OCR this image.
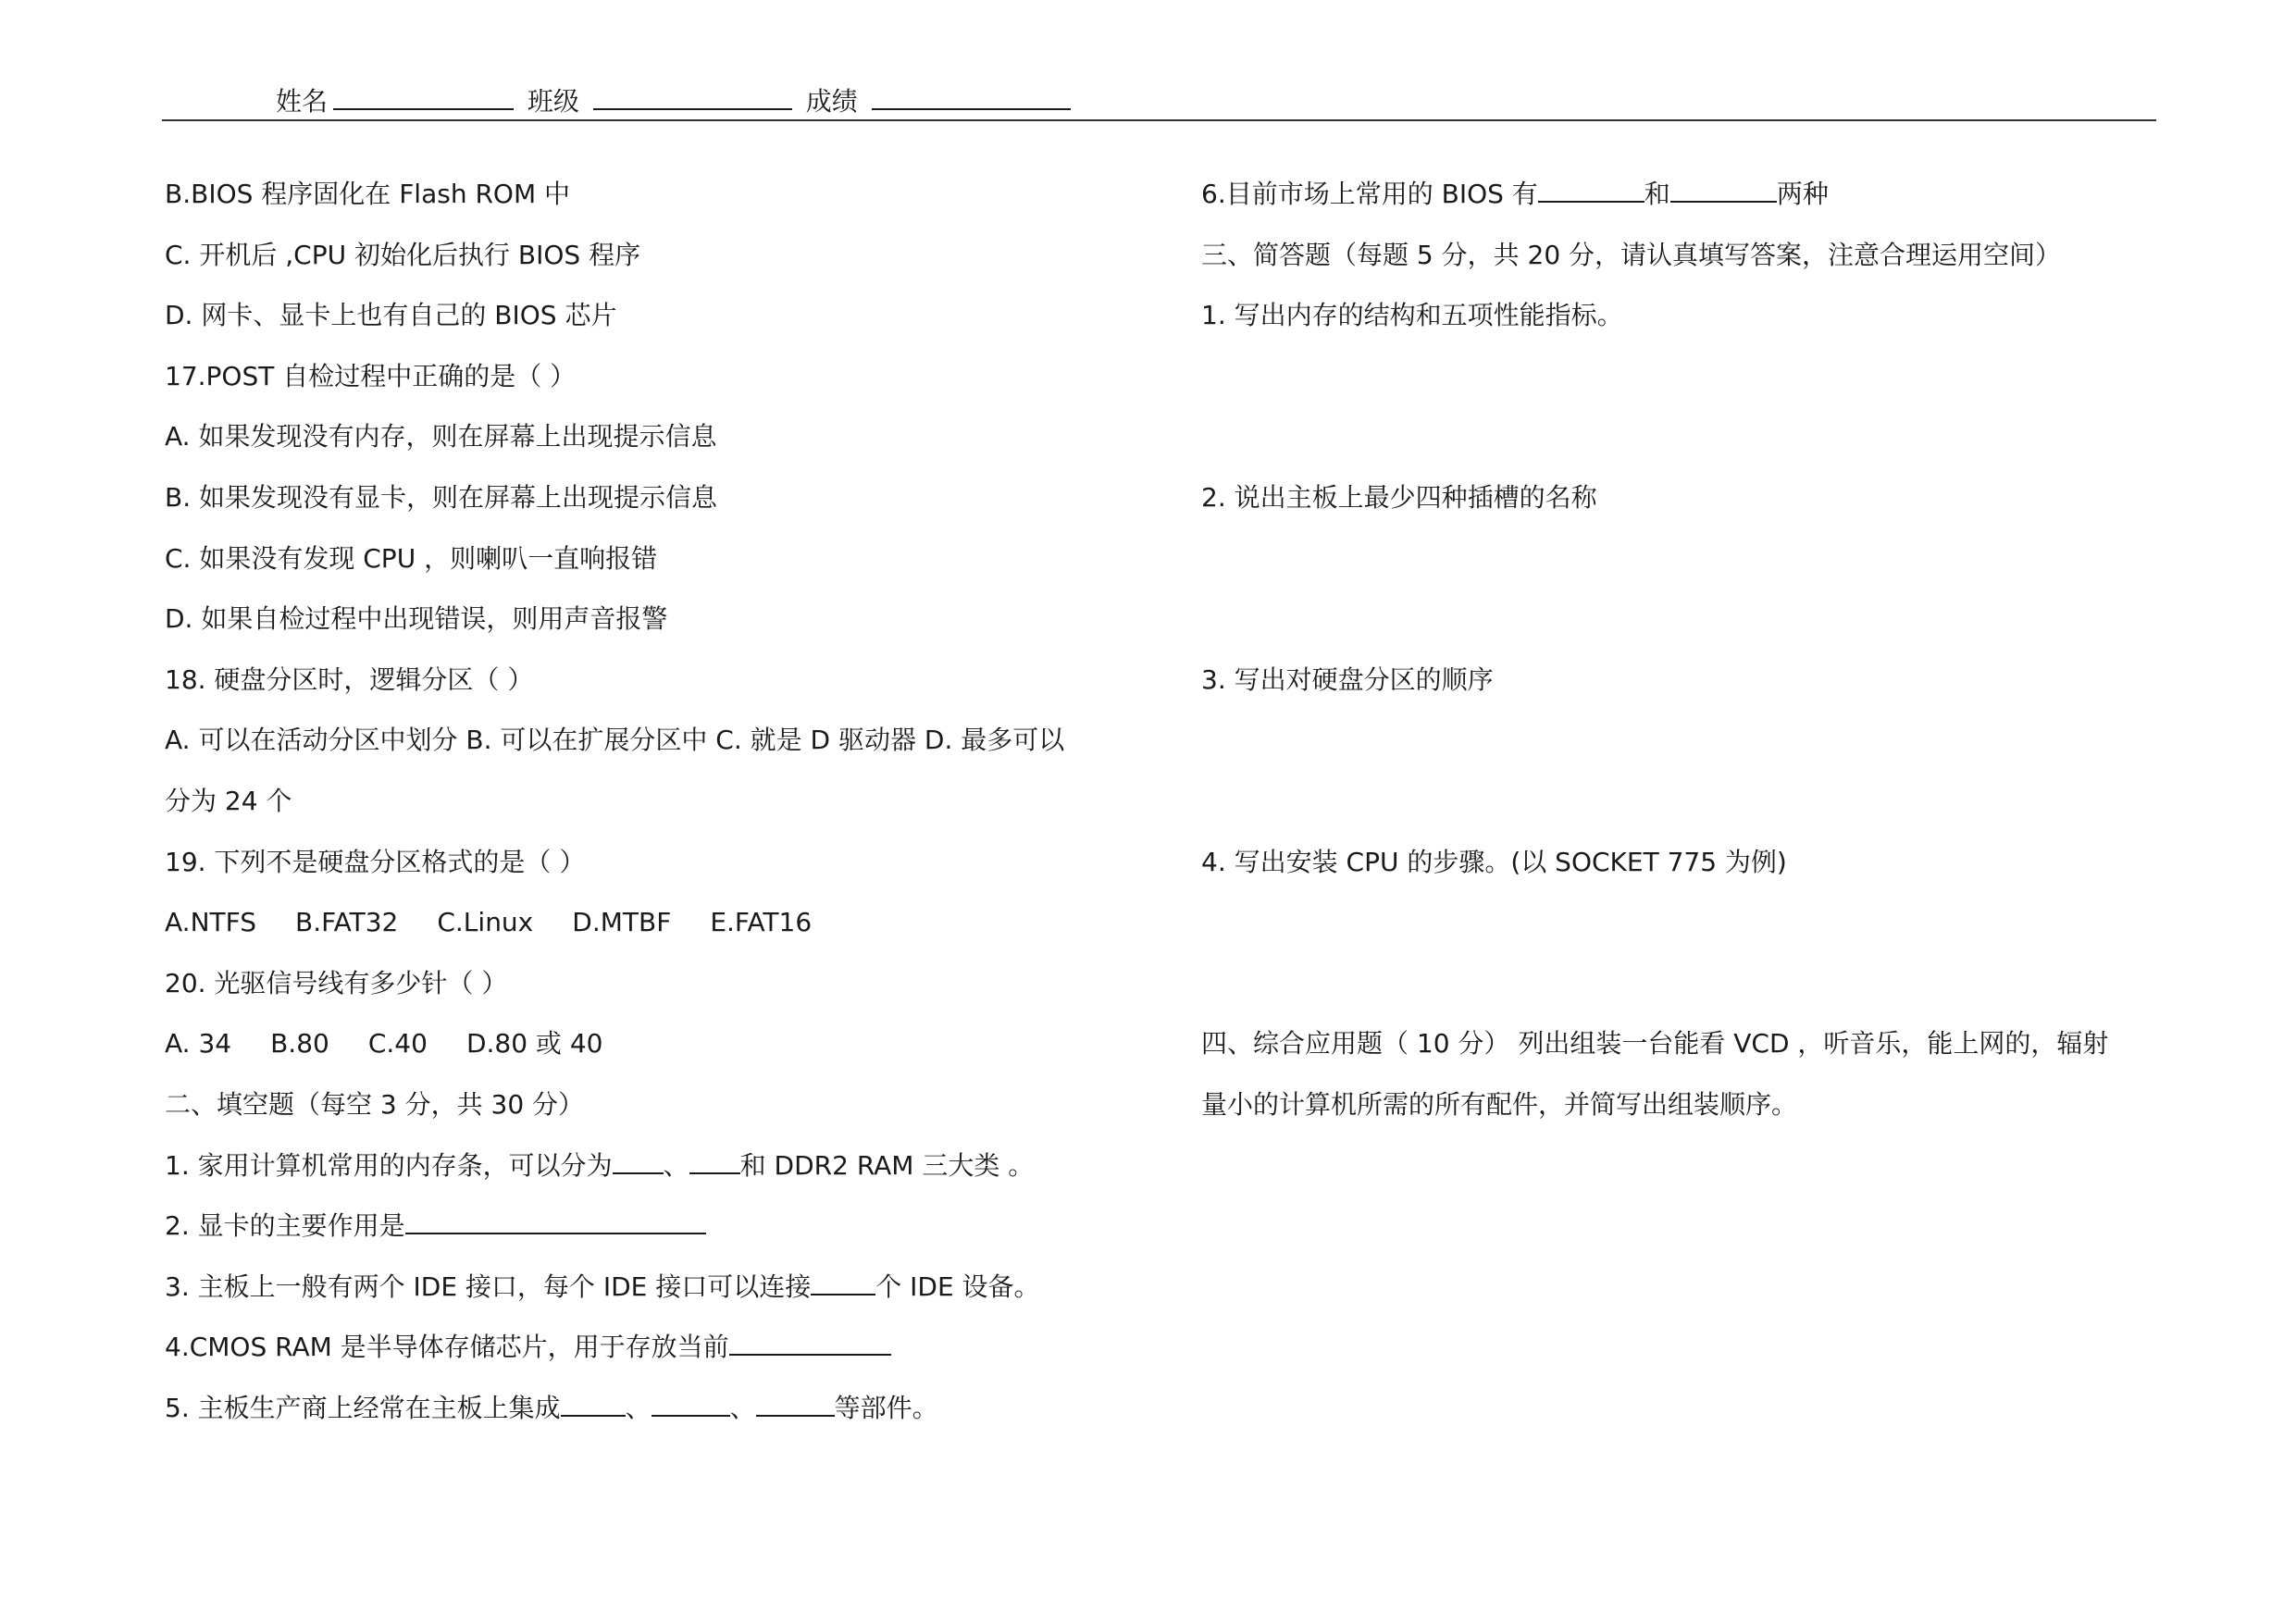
姓名	班级	成绩
B.BIOS 程序固化在 Flash ROM 中
C. 开机后 ,CPU 初始化后执行 BIOS 程序
D. 网卡、显卡上也有自己的 BIOS 芯片
17.POST 自检过程中正确的是（ ）
A. 如果发现没有内存，则在屏幕上出现提示信息
B. 如果发现没有显卡，则在屏幕上出现提示信息
C. 如果没有发现 CPU ，则喇叭一直响报错
D. 如果自检过程中出现错误，则用声音报警
18. 硬盘分区时，逻辑分区（ ）
A. 可以在活动分区中划分 B. 可以在扩展分区中 C. 就是 D 驱动器 D. 最多可以
分为 24 个
19. 下列不是硬盘分区格式的是（ ）
A.NTFS B.FAT32 C.Linux D.MTBF E.FAT16
20. 光驱信号线有多少针（ ）
A. 34 B.80 C.40 D.80 或 40
二、填空题（每空 3 分，共 30 分）
1. 家用计算机常用的内存条，可以分为 、 和 DDR2 RAM 三大类 。
2. 显卡的主要作用是
3. 主板上一般有两个 IDE 接口，每个 IDE 接口可以连接	个 IDE 设备。
4.CMOS RAM 是半导体存储芯片，用于存放当前
5. 主板生产商上经常在主板上集成	、	、	等部件。
6.目前市场上常用的 BIOS 有	和	两种
三、简答题（每题 5 分，共 20 分，请认真填写答案，注意合理运用空间）
1. 写出内存的结构和五项性能指标。
2. 说出主板上最少四种插槽的名称
3. 写出对硬盘分区的顺序
4. 写出安装 CPU 的步骤。(以 SOCKET 775 为例)
四、综合应用题（ 10 分） 列出组装一台能看 VCD ，听音乐，能上网的，辐射
量小的计算机所需的所有配件，并简写出组装顺序。
